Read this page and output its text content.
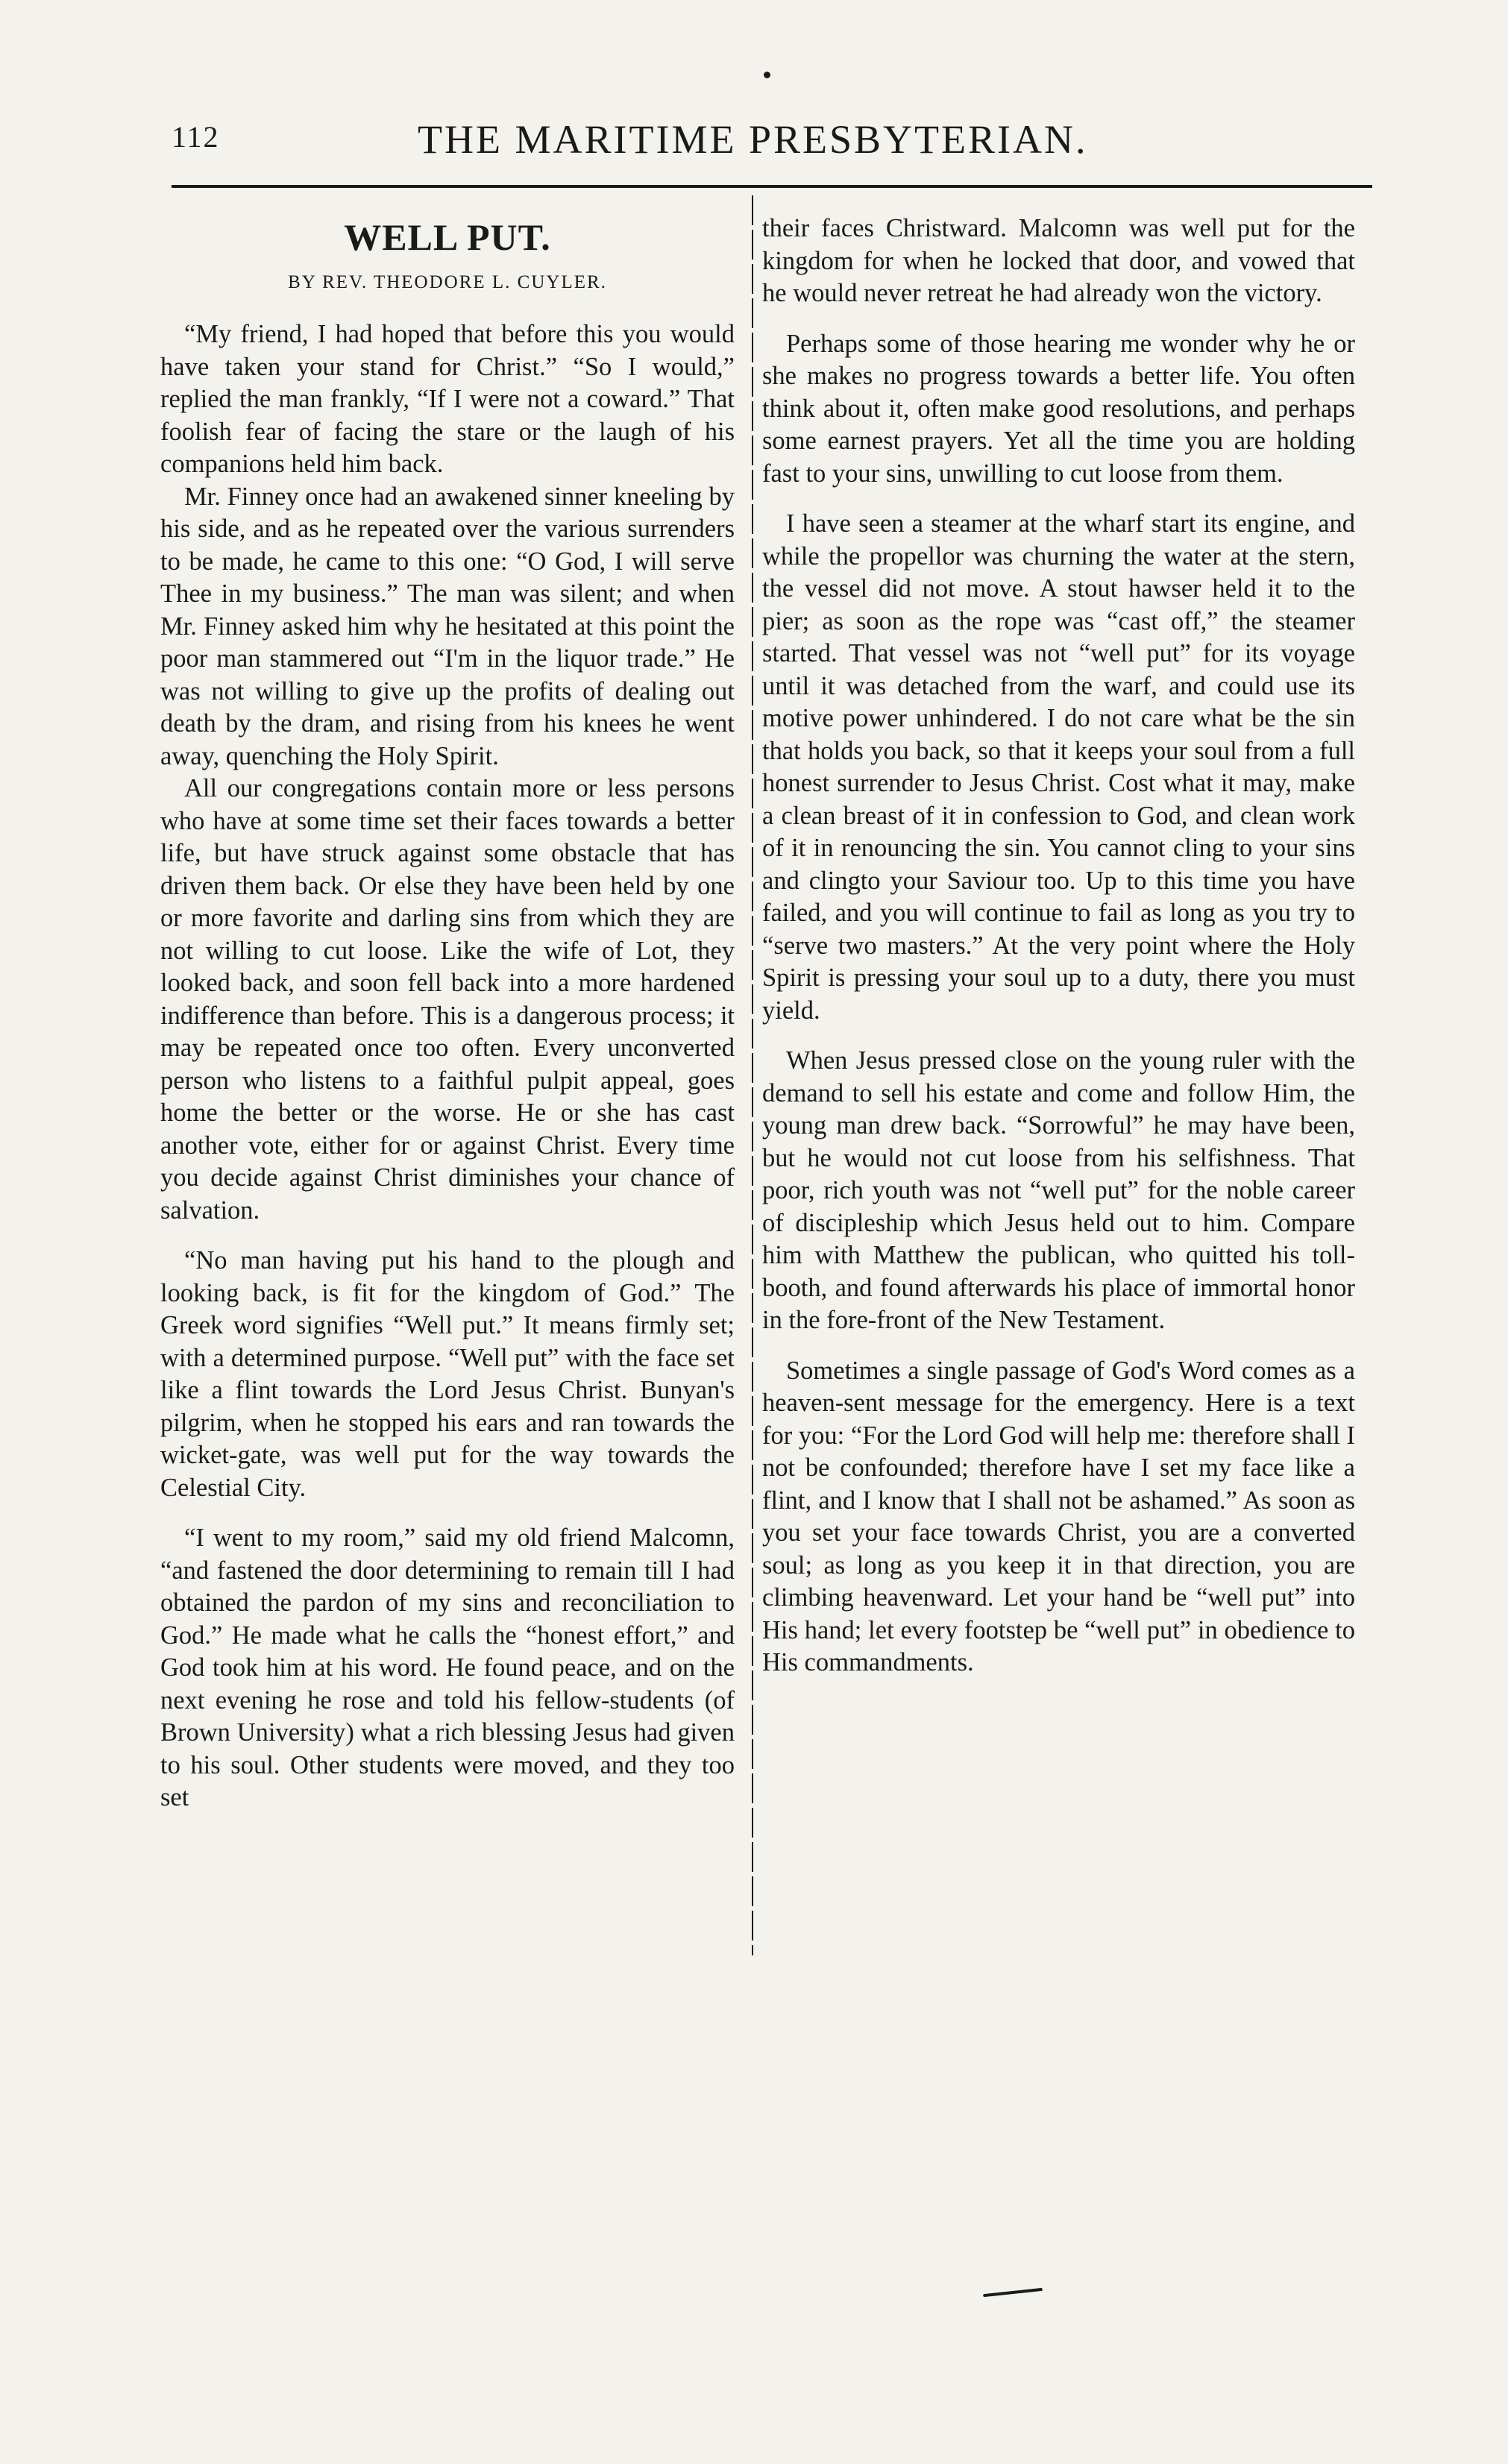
112	THE MARITIME PRESBYTERIAN.
WELL PUT.
BY REV. THEODORE L. CUYLER.

“My friend, I had hoped that before this you would have taken your stand for Christ.” “So I would,” replied the man frankly, “If I were not a coward.” That foolish fear of facing the stare or the laugh of his companions held him back.

Mr. Finney once had an awakened sinner kneeling by his side, and as he repeated over the various surrenders to be made, he came to this one: “O God, I will serve Thee in my business.” The man was silent; and when Mr. Finney asked him why he hesitated at this point the poor man stammered out “I'm in the liquor trade.” He was not willing to give up the profits of dealing out death by the dram, and rising from his knees he went away, quenching the Holy Spirit.

All our congregations contain more or less persons who have at some time set their faces towards a better life, but have struck against some obstacle that has driven them back. Or else they have been held by one or more favorite and darling sins from which they are not willing to cut loose. Like the wife of Lot, they looked back, and soon fell back into a more hardened indifference than before. This is a dangerous process; it may be repeated once too often. Every unconverted person who listens to a faithful pulpit appeal, goes home the better or the worse. He or she has cast another vote, either for or against Christ. Every time you decide against Christ diminishes your chance of salvation.

“No man having put his hand to the plough and looking back, is fit for the kingdom of God.” The Greek word signifies “Well put.” It means firmly set; with a determined purpose. “Well put” with the face set like a flint towards the Lord Jesus Christ. Bunyan's pilgrim, when he stopped his ears and ran towards the wicket-gate, was well put for the way towards the Celestial City.

“I went to my room,” said my old friend Malcomn, “and fastened the door determining to remain till I had obtained the pardon of my sins and reconciliation to God.” He made what he calls the “honest effort,” and God took him at his word. He found peace, and on the next evening he rose and told his fellow-students (of Brown University) what a rich blessing Jesus had given to his soul. Other students were moved, and they too set

their faces Christward. Malcomn was well put for the kingdom for when he locked that door, and vowed that he would never retreat he had already won the victory.

Perhaps some of those hearing me wonder why he or she makes no progress towards a better life. You often think about it, often make good resolutions, and perhaps some earnest prayers. Yet all the time you are holding fast to your sins, unwilling to cut loose from them.

I have seen a steamer at the wharf start its engine, and while the propellor was churning the water at the stern, the vessel did not move. A stout hawser held it to the pier; as soon as the rope was “cast off,” the steamer started. That vessel was not “well put” for its voyage until it was detached from the warf, and could use its motive power unhindered. I do not care what be the sin that holds you back, so that it keeps your soul from a full honest surrender to Jesus Christ. Cost what it may, make a clean breast of it in confession to God, and clean work of it in renouncing the sin. You cannot cling to your sins and clingto your Saviour too. Up to this time you have failed, and you will continue to fail as long as you try to “serve two masters.” At the very point where the Holy Spirit is pressing your soul up to a duty, there you must yield.

When Jesus pressed close on the young ruler with the demand to sell his estate and come and follow Him, the young man drew back. “Sorrowful” he may have been, but he would not cut loose from his selfishness. That poor, rich youth was not “well put” for the noble career of discipleship which Jesus held out to him. Compare him with Matthew the publican, who quitted his toll-booth, and found afterwards his place of immortal honor in the fore-front of the New Testament.

Sometimes a single passage of God's Word comes as a heaven-sent message for the emergency. Here is a text for you: “For the Lord God will help me: therefore shall I not be confounded; therefore have I set my face like a flint, and I know that I shall not be ashamed.” As soon as you set your face towards Christ, you are a converted soul; as long as you keep it in that direction, you are climbing heavenward. Let your hand be “well put” into His hand; let every footstep be “well put” in obedience to His commandments.
